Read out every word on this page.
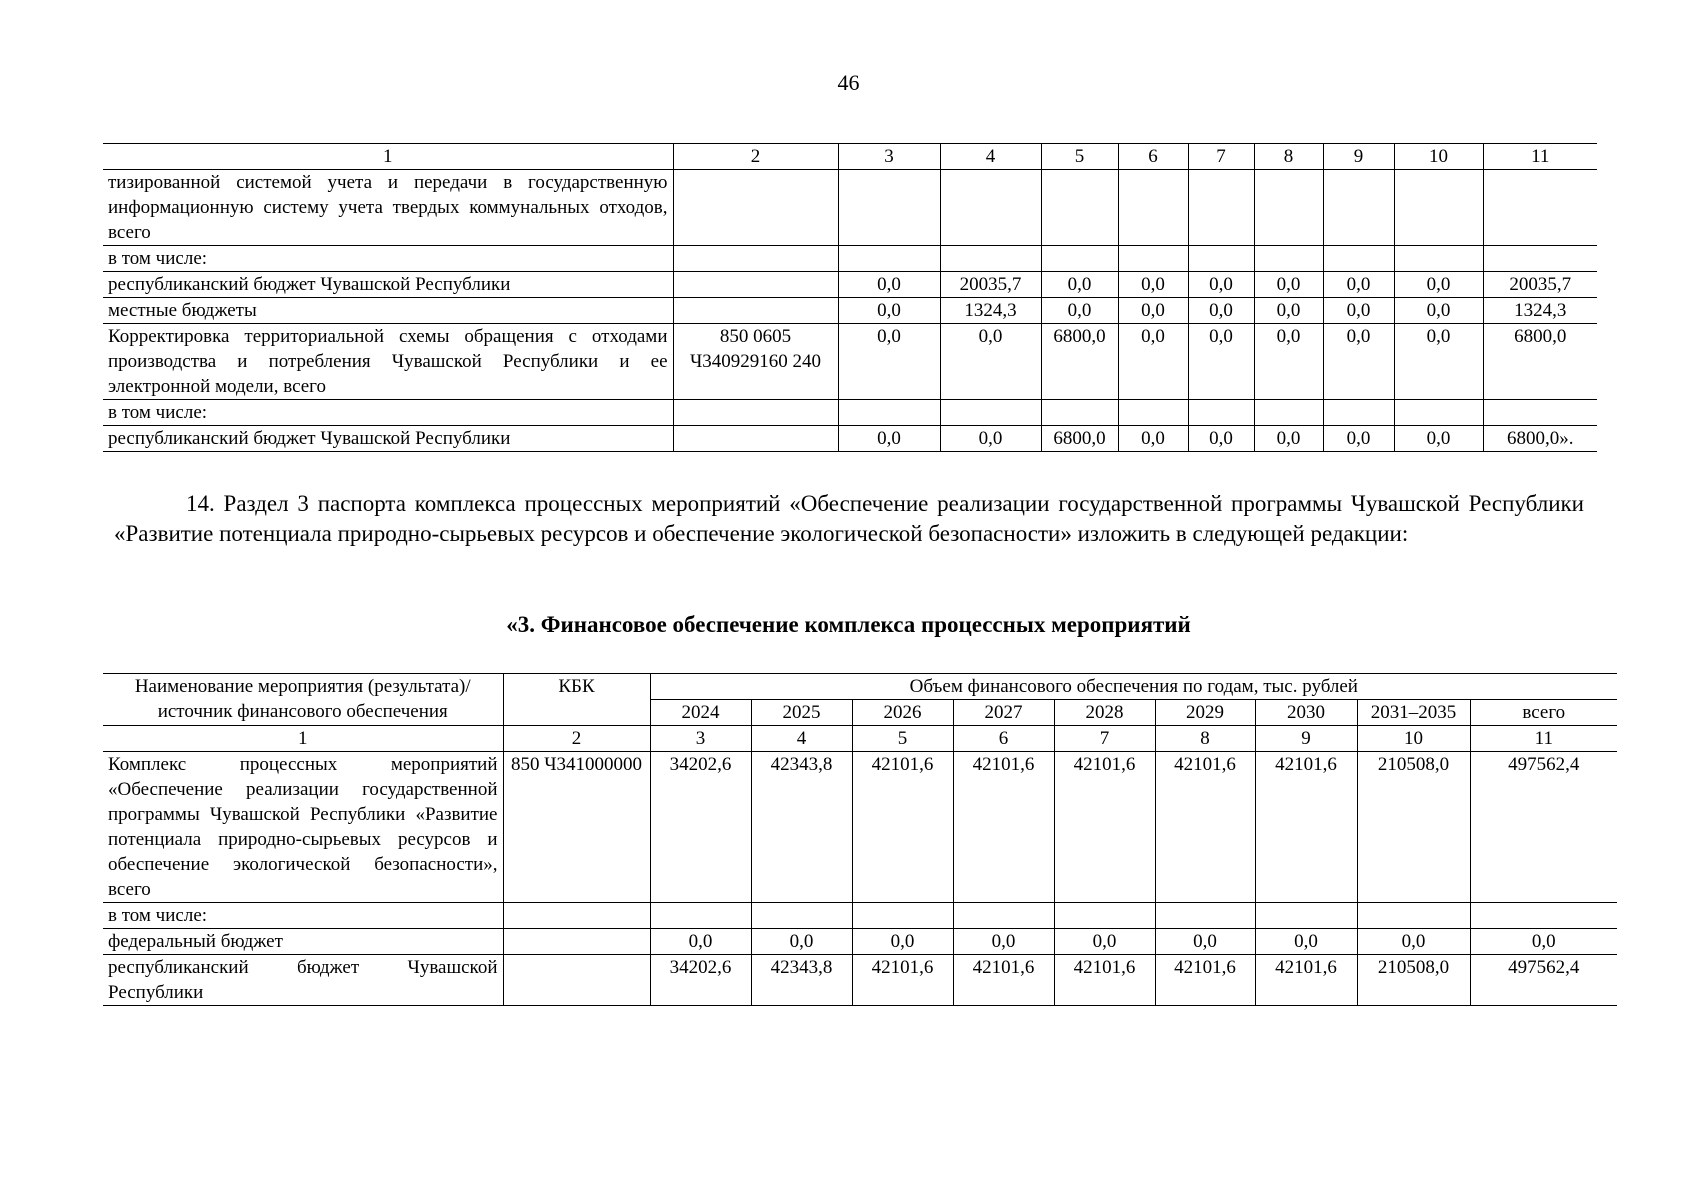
46
1	2	3	4	5	6	7	8	9	10	11
тизированной системой учета и передачи в государственную информационную систему учета твердых коммунальных отходов, всего										
в том числе:										
республиканский бюджет Чувашской Республики		0,0	20035,7	0,0	0,0	0,0	0,0	0,0	0,0	20035,7
местные бюджеты		0,0	1324,3	0,0	0,0	0,0	0,0	0,0	0,0	1324,3
Корректировка территориальной схемы обращения с отходами производства и потребления Чувашской Республики и ее электронной модели, всего	850 0605 Ч340929160 240	0,0	0,0	6800,0	0,0	0,0	0,0	0,0	0,0	6800,0
в том числе:										
республиканский бюджет Чувашской Республики		0,0	0,0	6800,0	0,0	0,0	0,0	0,0	0,0	6800,0».
14. Раздел 3 паспорта комплекса процессных мероприятий «Обеспечение реализации государственной программы Чувашской Республики «Развитие потенциала природно-сырьевых ресурсов и обеспечение экологической безопасности» изложить в следующей редакции:
«3. Финансовое обеспечение комплекса процессных мероприятий
Наименование мероприятия (результата)/источник финансового обеспечения	КБК	Объем финансового обеспечения по годам, тыс. рублей								
		2024	2025	2026	2027	2028	2029	2030	2031–2035	всего
1	2	3	4	5	6	7	8	9	10	11
Комплекс процессных мероприятий «Обеспечение реализации государственной программы Чувашской Республики «Развитие потенциала природно-сырьевых ресурсов и обеспечение экологической безопасности», всего	850 Ч341000000	34202,6	42343,8	42101,6	42101,6	42101,6	42101,6	42101,6	210508,0	497562,4
в том числе:										
федеральный бюджет		0,0	0,0	0,0	0,0	0,0	0,0	0,0	0,0	0,0
республиканский бюджет Чувашской Республики		34202,6	42343,8	42101,6	42101,6	42101,6	42101,6	42101,6	210508,0	497562,4
